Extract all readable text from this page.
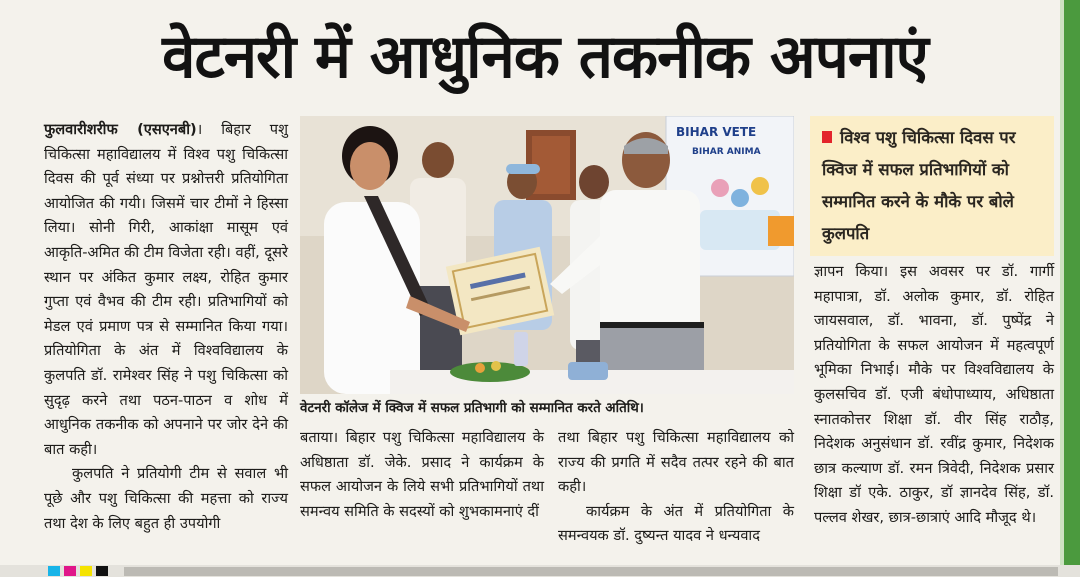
वेटनरी में आधुनिक तकनीक अपनाएं

फुलवारीशरीफ (एसएनबी)। बिहार पशु चिकित्सा महाविद्यालय में विश्व पशु चिकित्सा दिवस की पूर्व संध्या पर प्रश्नोत्तरी प्रतियोगिता आयोजित की गयी। जिसमें चार टीमों ने हिस्सा लिया। सोनी गिरी, आकांक्षा मासूम एवं आकृति-अमित की टीम विजेता रही। वहीं, दूसरे स्थान पर अंकित कुमार लक्ष्य, रोहित कुमार गुप्ता एवं वैभव की टीम रही। प्रतिभागियों को मेडल एवं प्रमाण पत्र से सम्मानित किया गया। प्रतियोगिता के अंत में विश्वविद्यालय के कुलपति डॉ. रामेश्वर सिंह ने पशु चिकित्सा को सुदृढ़ करने तथा पठन-पाठन व शोध में आधुनिक तकनीक को अपनाने पर जोर देने की बात कही।

कुलपति ने प्रतियोगी टीम से सवाल भी पूछे और पशु चिकित्सा की महत्ता को राज्य तथा देश के लिए बहुत ही उपयोगी

BIHAR VETE
BIHAR ANIMA
वेटनरी कॉलेज में क्विज में सफल प्रतिभागी को सम्मानित करते अतिथि।

बताया। बिहार पशु चिकित्सा महाविद्यालय के अधिष्ठाता डॉ. जेके. प्रसाद ने कार्यक्रम के सफल आयोजन के लिये सभी प्रतिभागियों तथा समन्वय समिति के सदस्यों को शुभकामनाएं दीं

तथा बिहार पशु चिकित्सा महाविद्यालय को राज्य की प्रगति में सदैव तत्पर रहने की बात कही।

कार्यक्रम के अंत में प्रतियोगिता के समन्वयक डॉ. दुष्यन्त यादव ने धन्यवाद

विश्व पशु चिकित्सा दिवस पर क्विज में सफल प्रतिभागियों को सम्मानित करने के मौके पर बोले कुलपति

ज्ञापन किया। इस अवसर पर डॉ. गार्गी महापात्रा, डॉ. अलोक कुमार, डॉ. रोहित जायसवाल, डॉ. भावना, डॉ. पुष्पेंद्र ने प्रतियोगिता के सफल आयोजन में महत्वपूर्ण भूमिका निभाई। मौके पर विश्वविद्यालय के कुलसचिव डॉ. एजी बंधोपाध्याय, अधिष्ठाता स्नातकोत्तर शिक्षा डॉ. वीर सिंह राठौड़, निदेशक अनुसंधान डॉ. रवींद्र कुमार, निदेशक छात्र कल्याण डॉ. रमन त्रिवेदी, निदेशक प्रसार शिक्षा डॉ एके. ठाकुर, डॉ ज्ञानदेव सिंह, डॉ. पल्लव शेखर, छात्र-छात्राएं आदि मौजूद थे।
